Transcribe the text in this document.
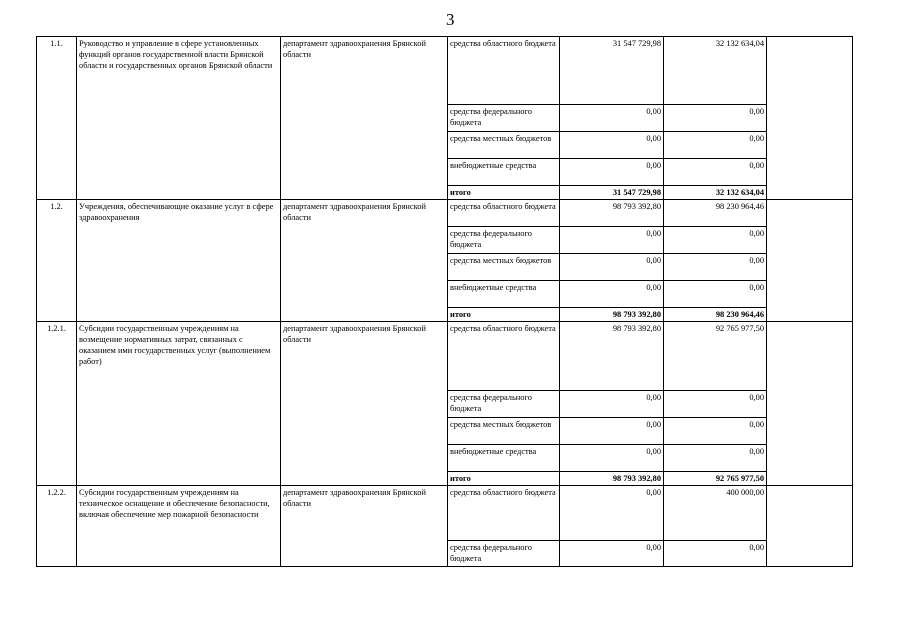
3
1.1.	Руководство и управление в сфере установленных функций органов государственной власти Брянской области и государственных органов Брянской области	департамент здравоохранения Брянской области	средства областного бюджета	31 547 729,98	32 132 634,04	
			средства федерального бюджета	0,00	0,00	
			средства местных бюджетов	0,00	0,00	
			внебюджетные средства	0,00	0,00	
			итого	31 547 729,98	32 132 634,04	
1.2.	Учреждения, обеспечивающие оказание услуг в сфере здравоохранения	департамент здравоохранения Брянской области	средства областного бюджета	98 793 392,80	98 230 964,46	
			средства федерального бюджета	0,00	0,00	
			средства местных бюджетов	0,00	0,00	
			внебюджетные средства	0,00	0,00	
			итого	98 793 392,80	98 230 964,46	
1.2.1.	Субсидии государственным учреждениям на возмещение нормативных затрат, связанных с оказанием ими государственных услуг (выполнением работ)	департамент здравоохранения Брянской области	средства областного бюджета	98 793 392,80	92 765 977,50	
			средства федерального бюджета	0,00	0,00	
			средства местных бюджетов	0,00	0,00	
			внебюджетные средства	0,00	0,00	
			итого	98 793 392,80	92 765 977,50	
1.2.2.	Субсидии государственным учреждениям на техническое оснащение и обеспечение безопасности, включая обеспечение мер пожарной безопасности	департамент здравоохранения Брянской области	средства областного бюджета	0,00	400 000,00	
			средства федерального бюджета	0,00	0,00	
